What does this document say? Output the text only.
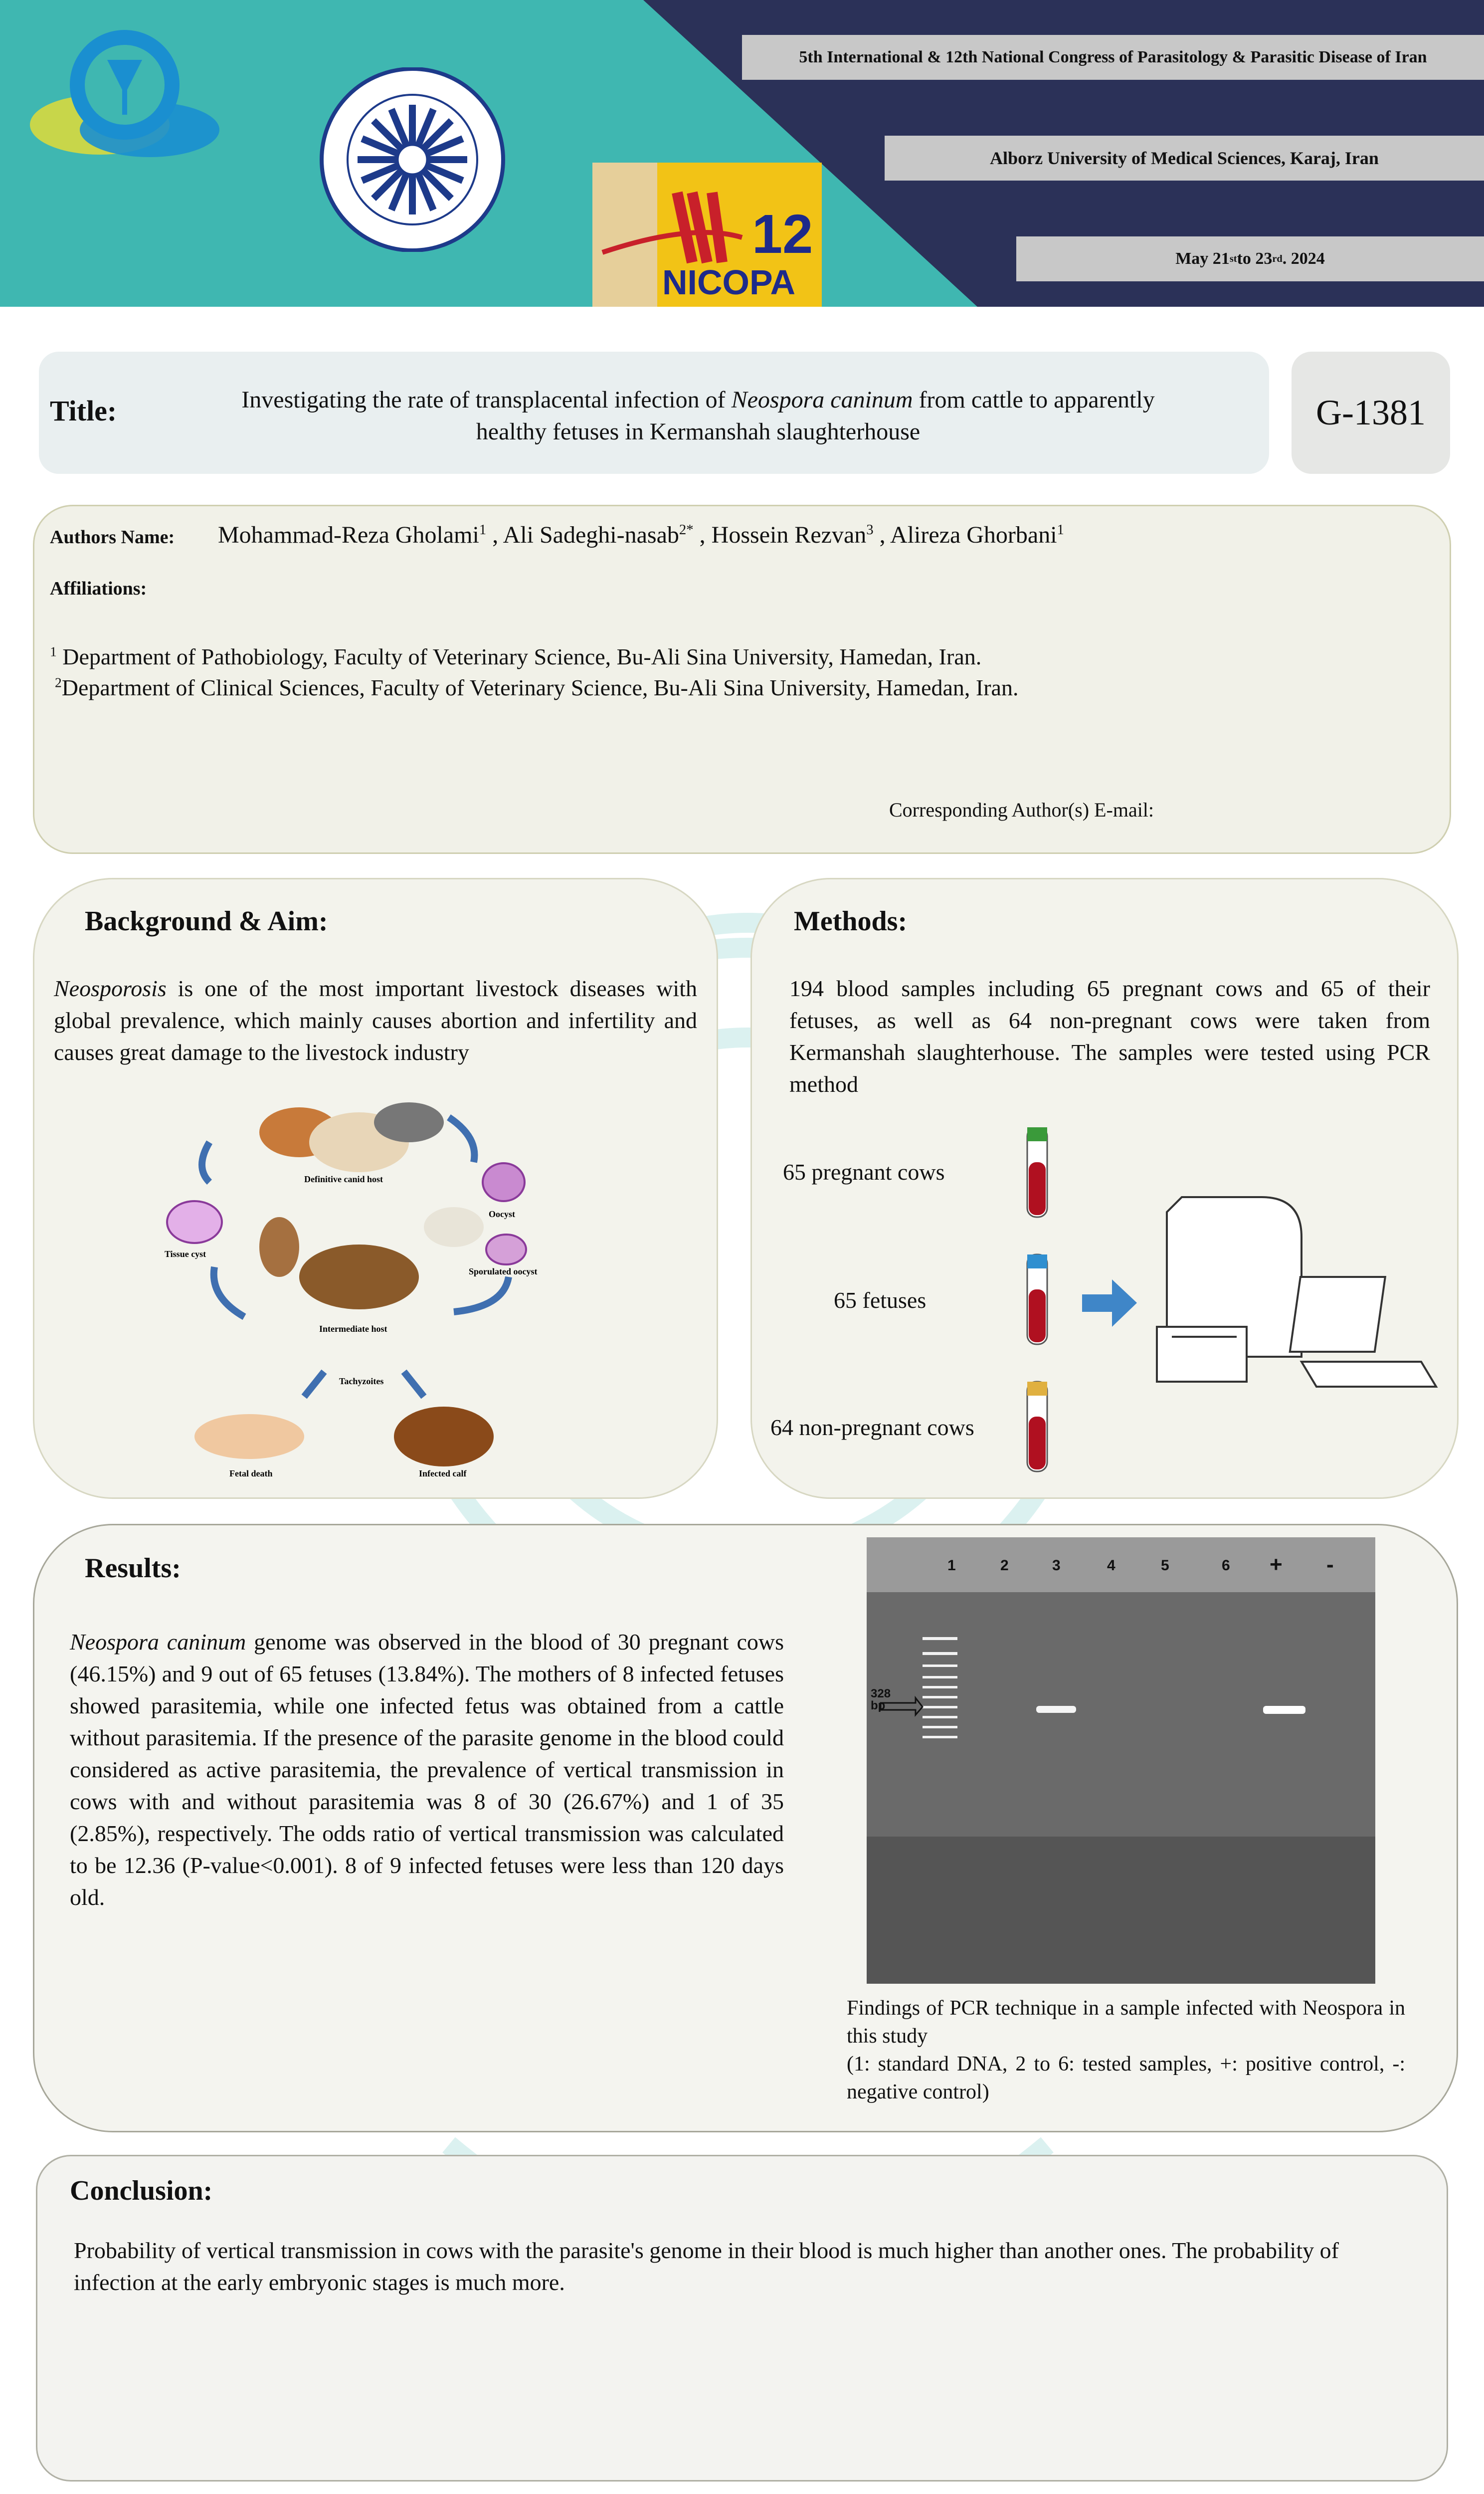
12
NICOPA
5th International & 12th National Congress of Parasitology & Parasitic Disease of Iran
Alborz University of Medical Sciences, Karaj, Iran
May 21 st to 23 rd . 2024
Title:	Investigating the rate of transplacental infection of Neospora caninum from cattle to apparently
healthy fetuses in Kermanshah slaughterhouse	G-1381
Authors Name: Mohammad-Reza Gholami$^1$ , Ali Sadeghi-nasab$^{2*}$ , Hossein Rezvan$^3$ , Alireza Ghorbani$^1$
Affiliations:
$^1$ Department of Pathobiology, Faculty of Veterinary Science, Bu-Ali Sina University, Hamedan, Iran.
$^2$Department of Clinical Sciences, Faculty of Veterinary Science, Bu-Ali Sina University, Hamedan, Iran.
Corresponding Author(s) E-mail:
Background & Aim:
Neosporosis is one of the most important livestock diseases with global prevalence, which mainly causes abortion and infertility and causes great damage to the livestock industry
Definitive canid host
Oocyst
Sporulated oocyst
Tissue cyst
Intermediate host
Tachyzoites
Fetal death	Infected calf
Methods:
194 blood samples including 65 pregnant cows and 65 of their fetuses, as well as 64 non-pregnant cows were taken from Kermanshah slaughterhouse. The samples were tested using PCR method
65 pregnant cows
65 fetuses
64 non-pregnant cows
Results:
Neospora caninum genome was observed in the blood of 30 pregnant cows (46.15%) and 9 out of 65 fetuses (13.84%). The mothers of 8 infected fetuses showed parasitemia, while one infected fetus was obtained from a cattle without parasitemia. If the presence of the parasite genome in the blood could considered as active parasitemia, the prevalence of vertical transmission in cows with and without parasitemia was 8 of 30 (26.67%) and 1 of 35 (2.85%), respectively. The odds ratio of vertical transmission was calculated to be 12.36 (P-value<0.001). 8 of 9 infected fetuses were less than 120 days old.
328 bp
1	2	3	4	5	6 + -
Findings of PCR technique in a sample infected with Neospora in this study
(1: standard DNA, 2 to 6: tested samples, +: positive control, -: negative control)
Conclusion:
Probability of vertical transmission in cows with the parasite's genome in their blood is much higher than another ones. The probability of infection at the early embryonic stages is much more.
